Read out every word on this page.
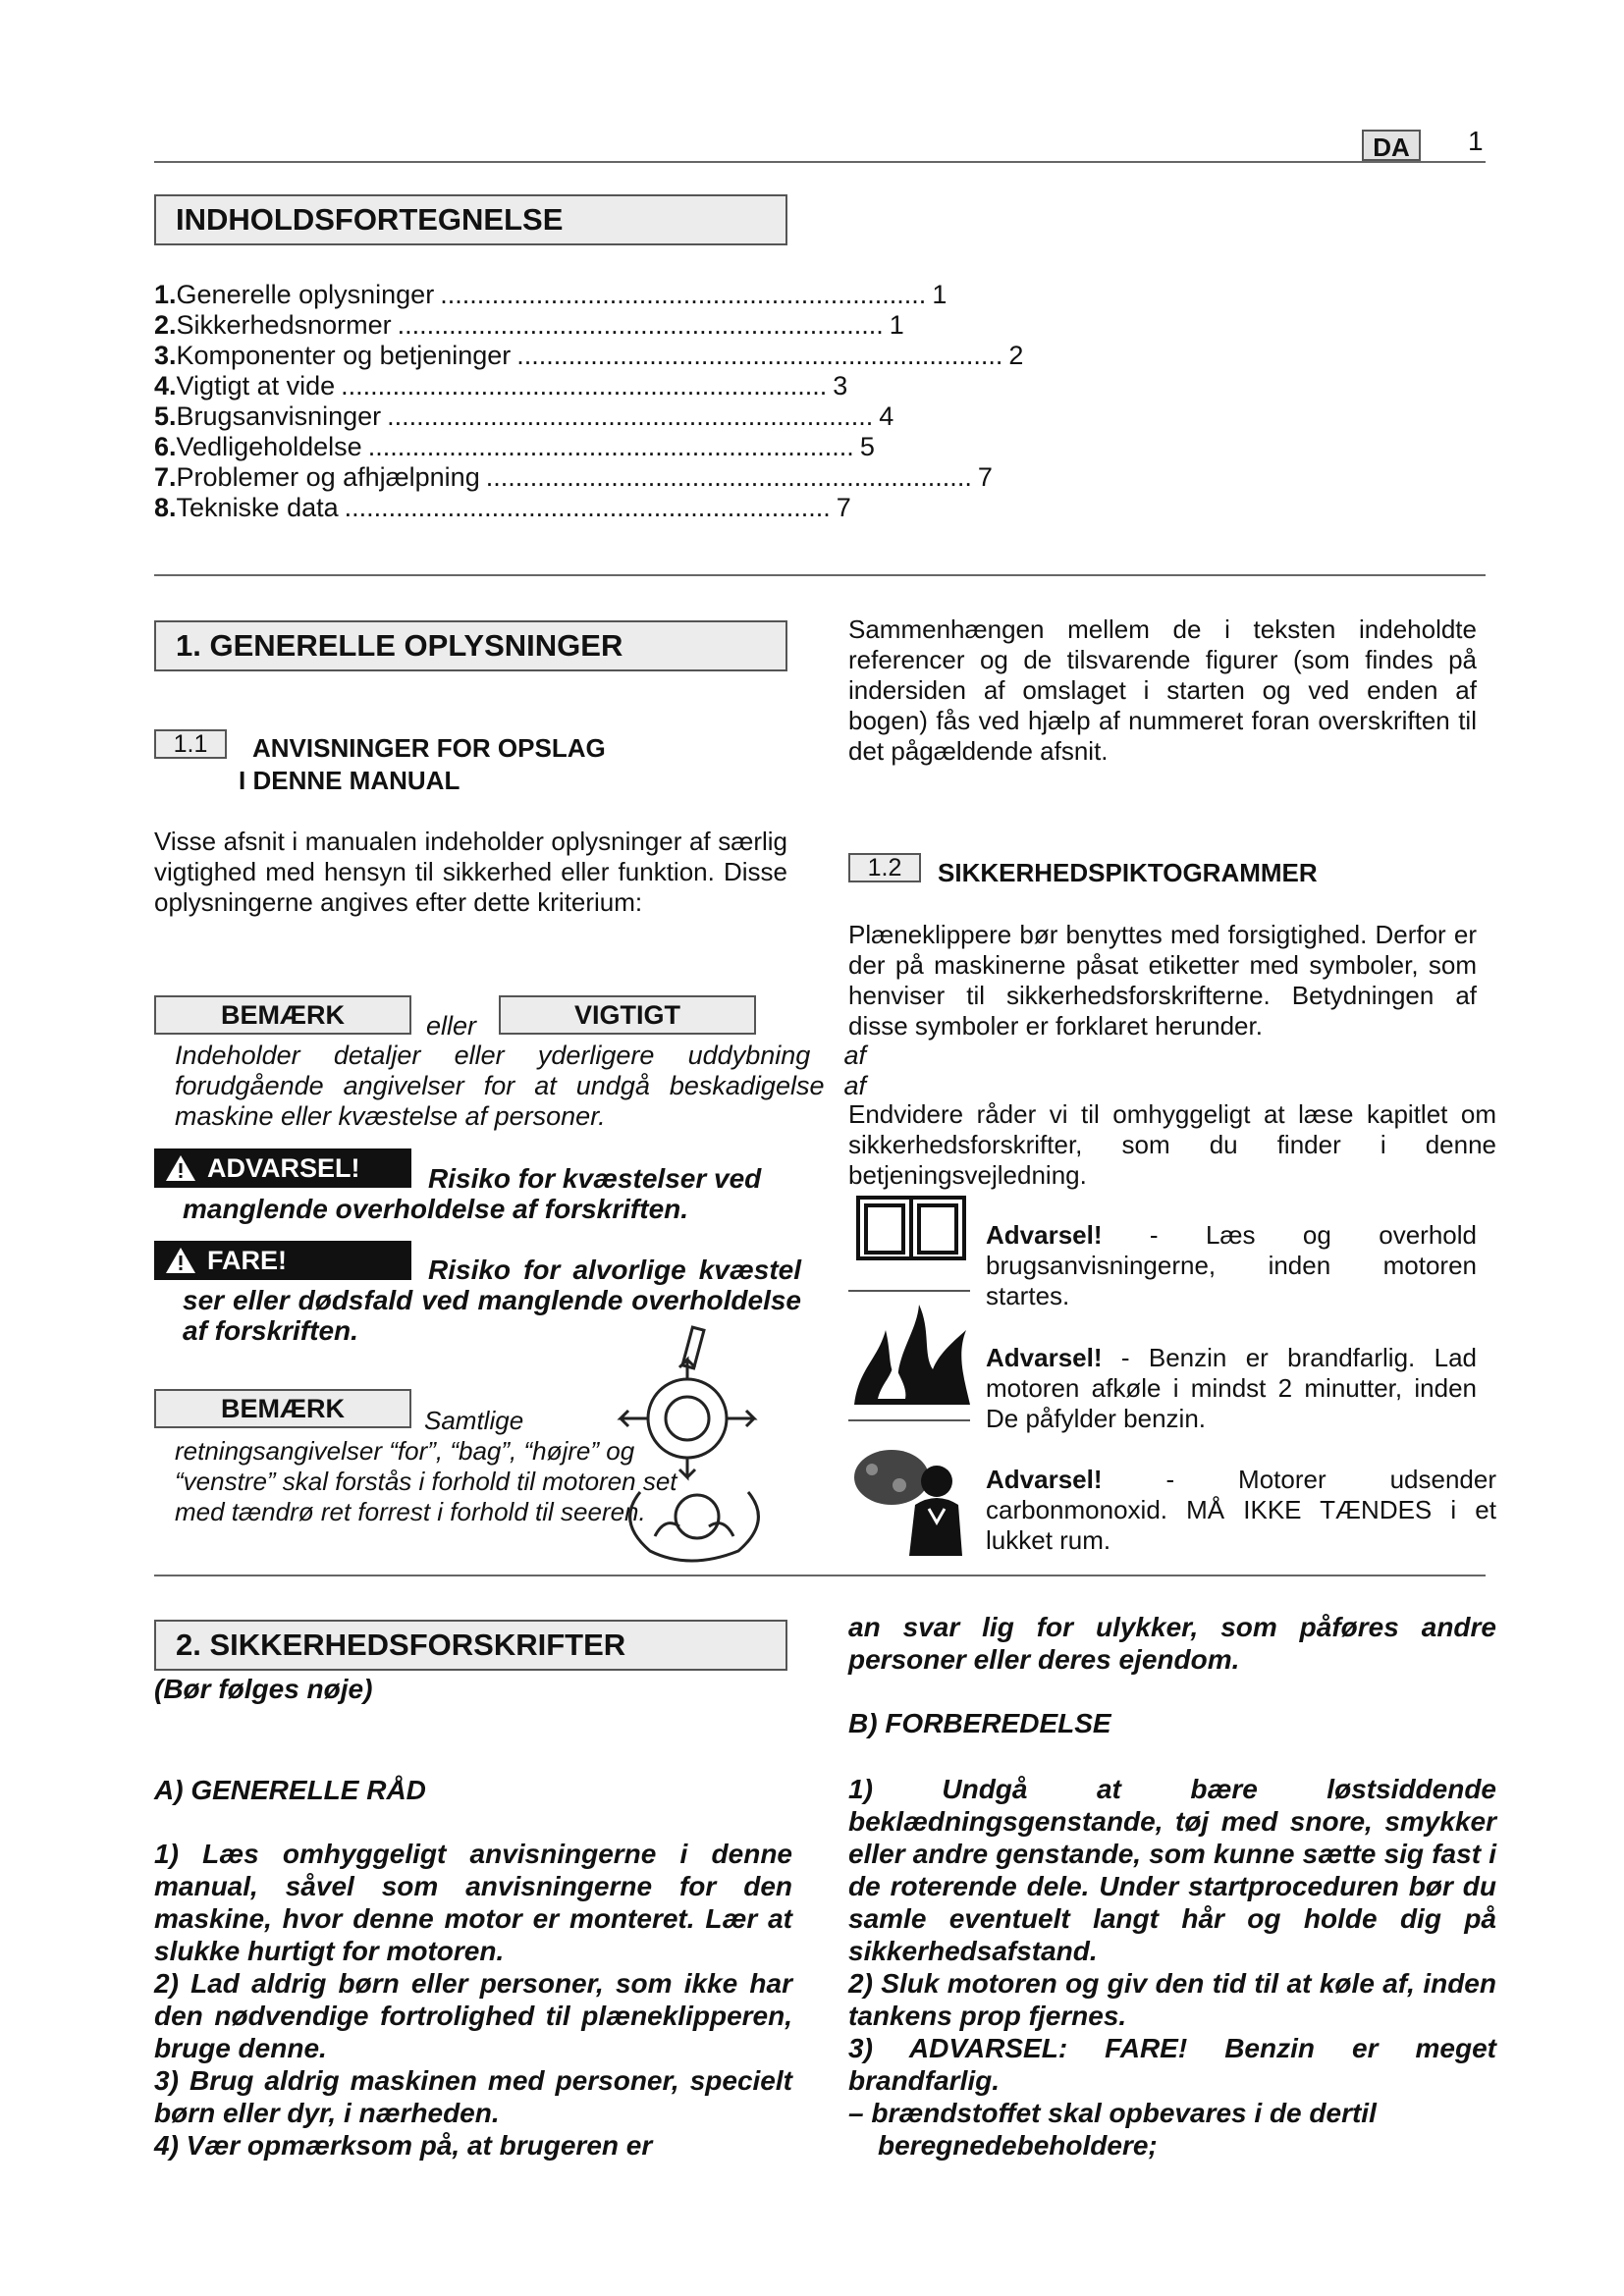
DA	1
INDHOLDSFORTEGNELSE
1. Generelle oplysninger .................................................................. 1
2. Sikkerhedsnormer .................................................................. 1
3. Komponenter og betjeninger .................................................................. 2
4. Vigtigt at vide .................................................................. 3
5. Brugsanvisninger .................................................................. 4
6. Vedligeholdelse .................................................................. 5
7. Problemer og afhjælpning .................................................................. 7
8. Tekniske data .................................................................. 7
1. GENERELLE OPLYSNINGER
1.1	ANVISNINGER FOR OPSLAG
I DENNE MANUAL
Visse afsnit i manualen indeholder oplysninger af særlig vigtighed med hensyn til sikkerhed eller funktion. Disse oplysningerne angives efter dette kriterium:
BEMÆRK	eller	VIGTIGT
Indeholder detaljer eller yderligere uddybning af forudgående angivelser for at undgå beskadigelse af maskine eller kvæstelse af personer.
ADVARSEL!	Risiko for kvæstelser ved manglende overholdelse af forskriften.
FARE!	Risiko for alvorlige kvæstel ser eller dødsfald ved manglende overholdelse af forskriften.
BEMÆRK	Samtlige retningsangivelser “for”, “bag”, “højre” og “venstre” skal forstås i forhold til motoren set med tændrø ret forrest i forhold til seeren.
Sammenhængen mellem de i teksten indeholdte referencer og de tilsvarende figurer (som findes på indersiden af omslaget i starten og ved enden af bogen) fås ved hjælp af nummeret foran overskriften til det pågældende afsnit.
1.2	SIKKERHEDSPIKTOGRAMMER
Plæneklippere bør benyttes med forsigtighed. Derfor er der på maskinerne påsat etiketter med symboler, som henviser til sikkerhedsforskrifterne. Betydningen af disse symboler er forklaret herunder.
Endvidere råder vi til omhyggeligt at læse kapitlet om sikkerhedsforskrifter, som du finder i denne betjeningsvejledning.
Advarsel! - Læs og overhold brugsanvisningerne, inden motoren startes.
Advarsel! - Benzin er brandfarlig. Lad motoren afkøle i mindst 2 minutter, inden De påfylder benzin.
Advarsel! - Motorer udsender carbonmonoxid. MÅ IKKE TÆNDES i et lukket rum.
2. SIKKERHEDSFORSKRIFTER
(Bør følges nøje)
A) GENERELLE RÅD
1) Læs omhyggeligt anvisningerne i denne manual, såvel som anvisningerne for den maskine, hvor denne motor er monteret. Lær at slukke hurtigt for motoren.
2) Lad aldrig børn eller personer, som ikke har den nødvendige fortrolighed til plæneklipperen, bruge denne.
3) Brug aldrig maskinen med personer, specielt børn eller dyr, i nærheden.
4) Vær opmærksom på, at brugeren er
an svar lig for ulykker, som påføres andre personer eller deres ejendom.
B) FORBEREDELSE
1) Undgå at bære løstsiddende beklædningsgenstande, tøj med snore, smykker eller andre genstande, som kunne sætte sig fast i de roterende dele. Under startproceduren bør du samle eventuelt langt hår og holde dig på sikkerhedsafstand.
2) Sluk motoren og giv den tid til at køle af, inden tankens prop fjernes.
3) ADVARSEL: FARE! Benzin er meget brandfarlig.
– brændstoffet skal opbevares i de dertil beregnedebeholdere;
